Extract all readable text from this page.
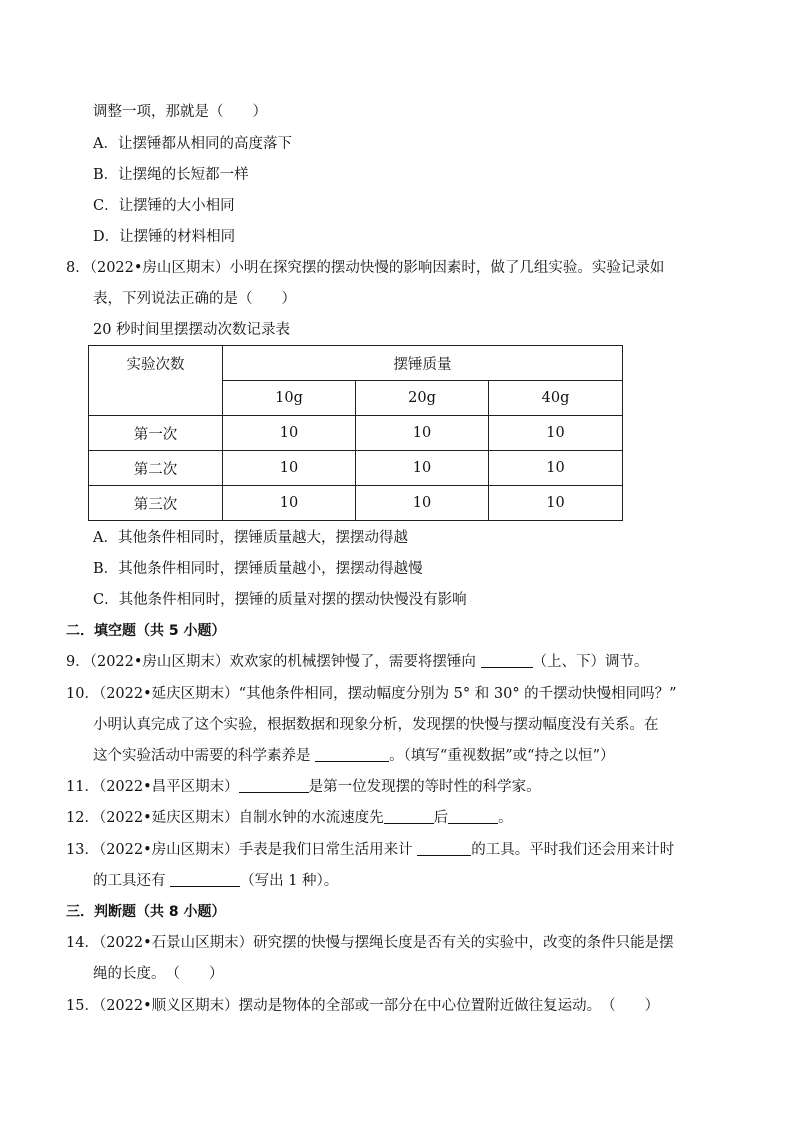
调整一项，那就是（　　）
A．让摆锤都从相同的高度落下
B．让摆绳的长短都一样
C．让摆锤的大小相同
D．让摆锤的材料相同
8．（2022•房山区期末）小明在探究摆的摆动快慢的影响因素时，做了几组实验。实验记录如
表，下列说法正确的是（　　）
20 秒时间里摆摆动次数记录表
实验次数	摆锤质量		
	10g	20g	40g
第一次	10	10	10
第二次	10	10	10
第三次	10	10	10
A．其他条件相同时，摆锤质量越大，摆摆动得越
B．其他条件相同时，摆锤质量越小，摆摆动得越慢
C．其他条件相同时，摆锤的质量对摆的摆动快慢没有影响
二．填空题（共 5 小题）
9．（2022•房山区期末）欢欢家的机械摆钟慢了，需要将摆锤向	（上、下）调节。
10．（2022•延庆区期末）“其他条件相同，摆动幅度分别为 5° 和 30° 的千摆动快慢相同吗？”
小明认真完成了这个实验，根据数据和现象分析，发现摆的快慢与摆动幅度没有关系。在
这个实验活动中需要的科学素养是	。（填写“重视数据”或“持之以恒”）
11．（2022•昌平区期末）	是第一位发现摆的等时性的科学家。
12．（2022•延庆区期末）自制水钟的水流速度先	后	。
13．（2022•房山区期末）手表是我们日常生活用来计	的工具。平时我们还会用来计时
的工具还有	（写出 1 种）。
三．判断题（共 8 小题）
14．（2022•石景山区期末）研究摆的快慢与摆绳长度是否有关的实验中，改变的条件只能是摆
绳的长度。　（　　）
15．（2022•顺义区期末）摆动是物体的全部或一部分在中心位置附近做往复运动。　（　　）
